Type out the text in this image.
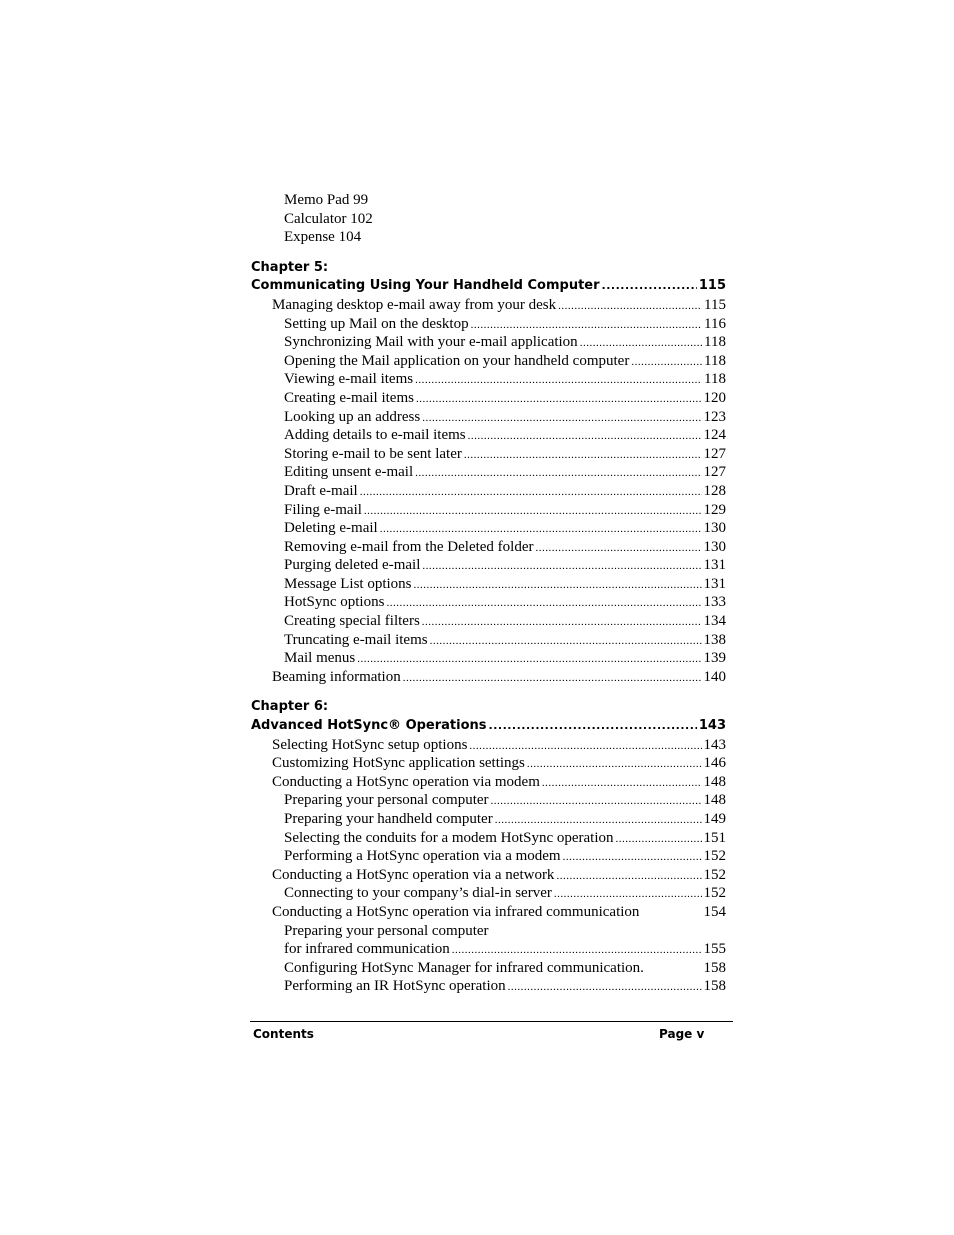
Memo Pad 99
Calculator 102
Expense 104
Chapter 5:
Communicating Using Your Handheld Computer .....	115
Managing desktop e-mail away from your desk .....	115
Setting up Mail on the desktop .....	116
Synchronizing Mail with your e-mail application .....	118
Opening the Mail application on your handheld computer .....	118
Viewing e-mail items .....	118
Creating e-mail items .....	120
Looking up an address .....	123
Adding details to e-mail items .....	124
Storing e-mail to be sent later .....	127
Editing unsent e-mail .....	127
Draft e-mail .....	128
Filing e-mail .....	129
Deleting e-mail .....	130
Removing e-mail from the Deleted folder .....	130
Purging deleted e-mail .....	131
Message List options .....	131
HotSync options .....	133
Creating special filters .....	134
Truncating e-mail items .....	138
Mail menus .....	139
Beaming information .....	140
Chapter 6:
Advanced HotSync® Operations .....	143
Selecting HotSync setup options .....	143
Customizing HotSync application settings .....	146
Conducting a HotSync operation via modem .....	148
Preparing your personal computer .....	148
Preparing your handheld computer .....	149
Selecting the conduits for a modem HotSync operation .....	151
Performing a HotSync operation via a modem .....	152
Conducting a HotSync operation via a network .....	152
Connecting to your company’s dial-in server .....	152
Conducting a HotSync operation via infrared communication	154
Preparing your personal computer
for infrared communication .....	155
Configuring HotSync Manager for infrared communication.	158
Performing an IR HotSync operation .....	158
Contents	Page v
